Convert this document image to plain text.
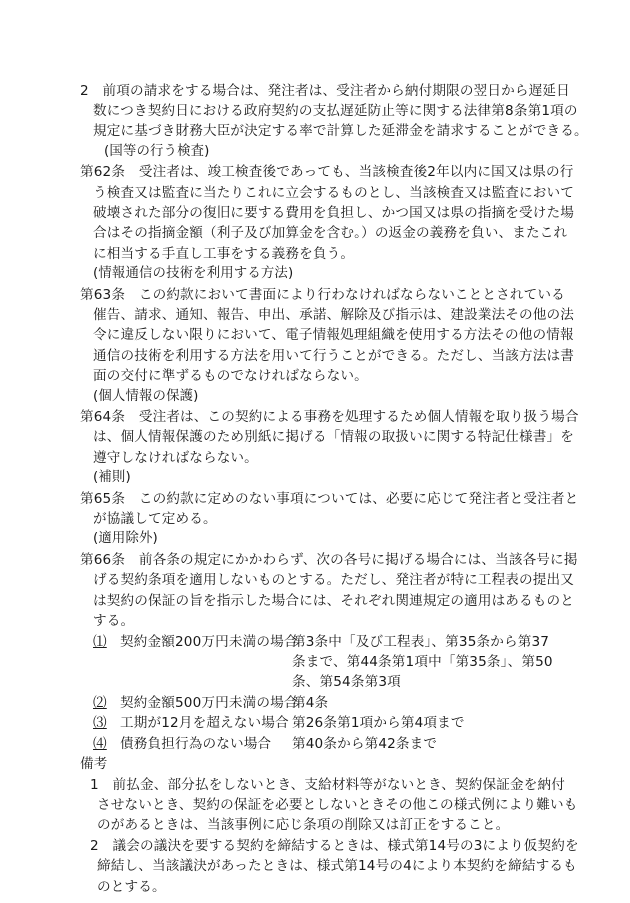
2　前項の請求をする場合は、発注者は、受注者から納付期限の翌日から遅延日
数につき契約日における政府契約の支払遅延防止等に関する法律第8条第1項の
規定に基づき財務大臣が決定する率で計算した延滞金を請求することができる。
(国等の行う検査)
第62条　受注者は、竣工検査後であっても、当該検査後2年以内に国又は県の行
う検査又は監査に当たりこれに立会するものとし、当該検査又は監査において
破壊された部分の復旧に要する費用を負担し、かつ国又は県の指摘を受けた場
合はその指摘金額（利子及び加算金を含む。）の返金の義務を負い、またこれ
に相当する手直し工事をする義務を負う。
(情報通信の技術を利用する方法)
第63条　この約款において書面により行わなければならないこととされている
催告、請求、通知、報告、申出、承諾、解除及び指示は、建設業法その他の法
令に違反しない限りにおいて、電子情報処理組織を使用する方法その他の情報
通信の技術を利用する方法を用いて行うことができる。ただし、当該方法は書
面の交付に準ずるものでなければならない。
(個人情報の保護)
第64条　受注者は、この契約による事務を処理するため個人情報を取り扱う場合
は、個人情報保護のため別紙に掲げる「情報の取扱いに関する特記仕様書」を
遵守しなければならない。
(補則)
第65条　この約款に定めのない事項については、必要に応じて発注者と受注者と
が協議して定める。
(適用除外)
第66条　前各条の規定にかかわらず、次の各号に掲げる場合には、当該各号に掲
げる契約条項を適用しないものとする。ただし、発注者が特に工程表の提出又
は契約の保証の旨を指示した場合には、それぞれ関連規定の適用はあるものと
する。
⑴ 契約金額200万円未満の場合
第3条中「及び工程表」、第35条から第37
条まで、第44条第1項中「第35条」、第50
条、第54条第3項
⑵ 契約金額500万円未満の場合
第4条
⑶ 工期が12月を超えない場合 第26条第1項から第4項まで
⑷ 債務負担行為のない場合 第40条から第42条まで
備考
1　前払金、部分払をしないとき、支給材料等がないとき、契約保証金を納付
させないとき、契約の保証を必要としないときその他この様式例により難いも
のがあるときは、当該事例に応じ条項の削除又は訂正をすること。
2　議会の議決を要する契約を締結するときは、様式第14号の3により仮契約を
締結し、当該議決があったときは、様式第14号の4により本契約を締結するも
のとする。
